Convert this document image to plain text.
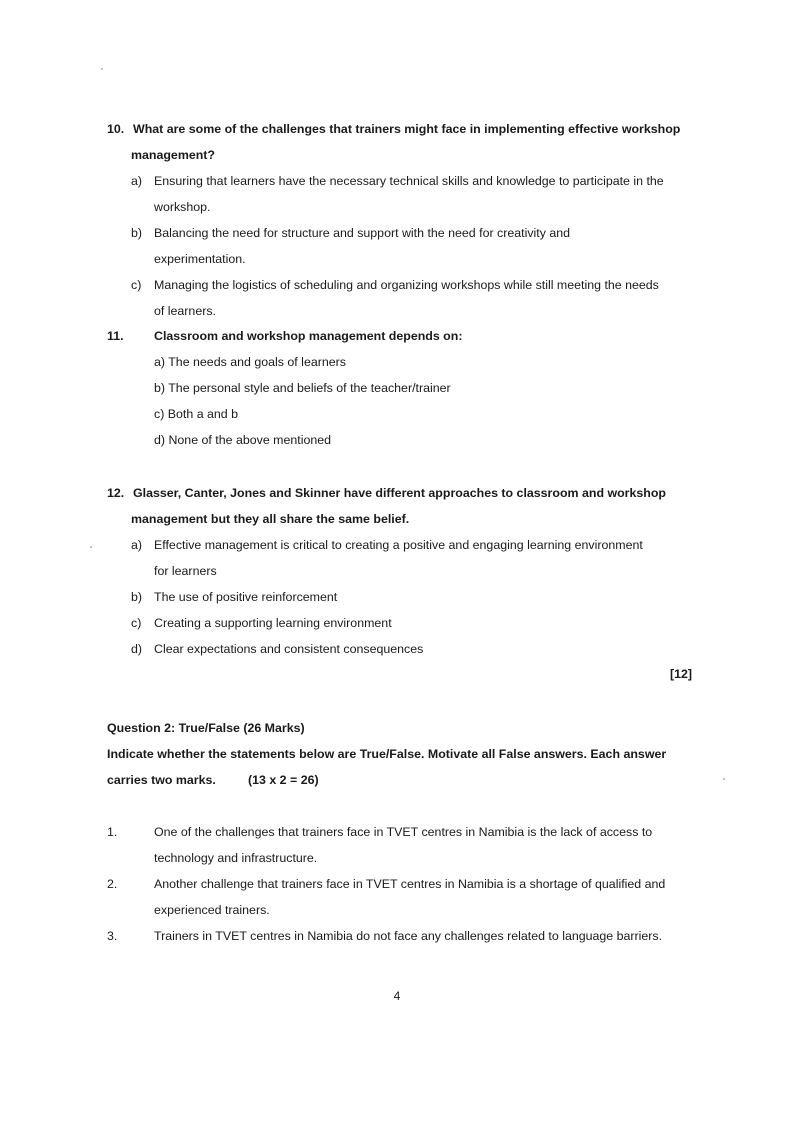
10. What are some of the challenges that trainers might face in implementing effective workshop
management?
a) Ensuring that learners have the necessary technical skills and knowledge to participate in the
workshop.
b) Balancing the need for structure and support with the need for creativity and
experimentation.
c) Managing the logistics of scheduling and organizing workshops while still meeting the needs
of learners.
11. Classroom and workshop management depends on:
a) The needs and goals of learners
b) The personal style and beliefs of the teacher/trainer
c) Both a and b
d) None of the above mentioned
12. Glasser, Canter, Jones and Skinner have different approaches to classroom and workshop
management but they all share the same belief.
a) Effective management is critical to creating a positive and engaging learning environment
for learners
b) The use of positive reinforcement
c) Creating a supporting learning environment
d) Clear expectations and consistent consequences
[12]
Question 2: True/False (26 Marks)
Indicate whether the statements below are True/False. Motivate all False answers. Each answer
carries two marks.	(13 x 2 = 26)
1.	One of the challenges that trainers face in TVET centres in Namibia is the lack of access to
technology and infrastructure.
2.	Another challenge that trainers face in TVET centres in Namibia is a shortage of qualified and
experienced trainers.
3.	Trainers in TVET centres in Namibia do not face any challenges related to language barriers.
4
